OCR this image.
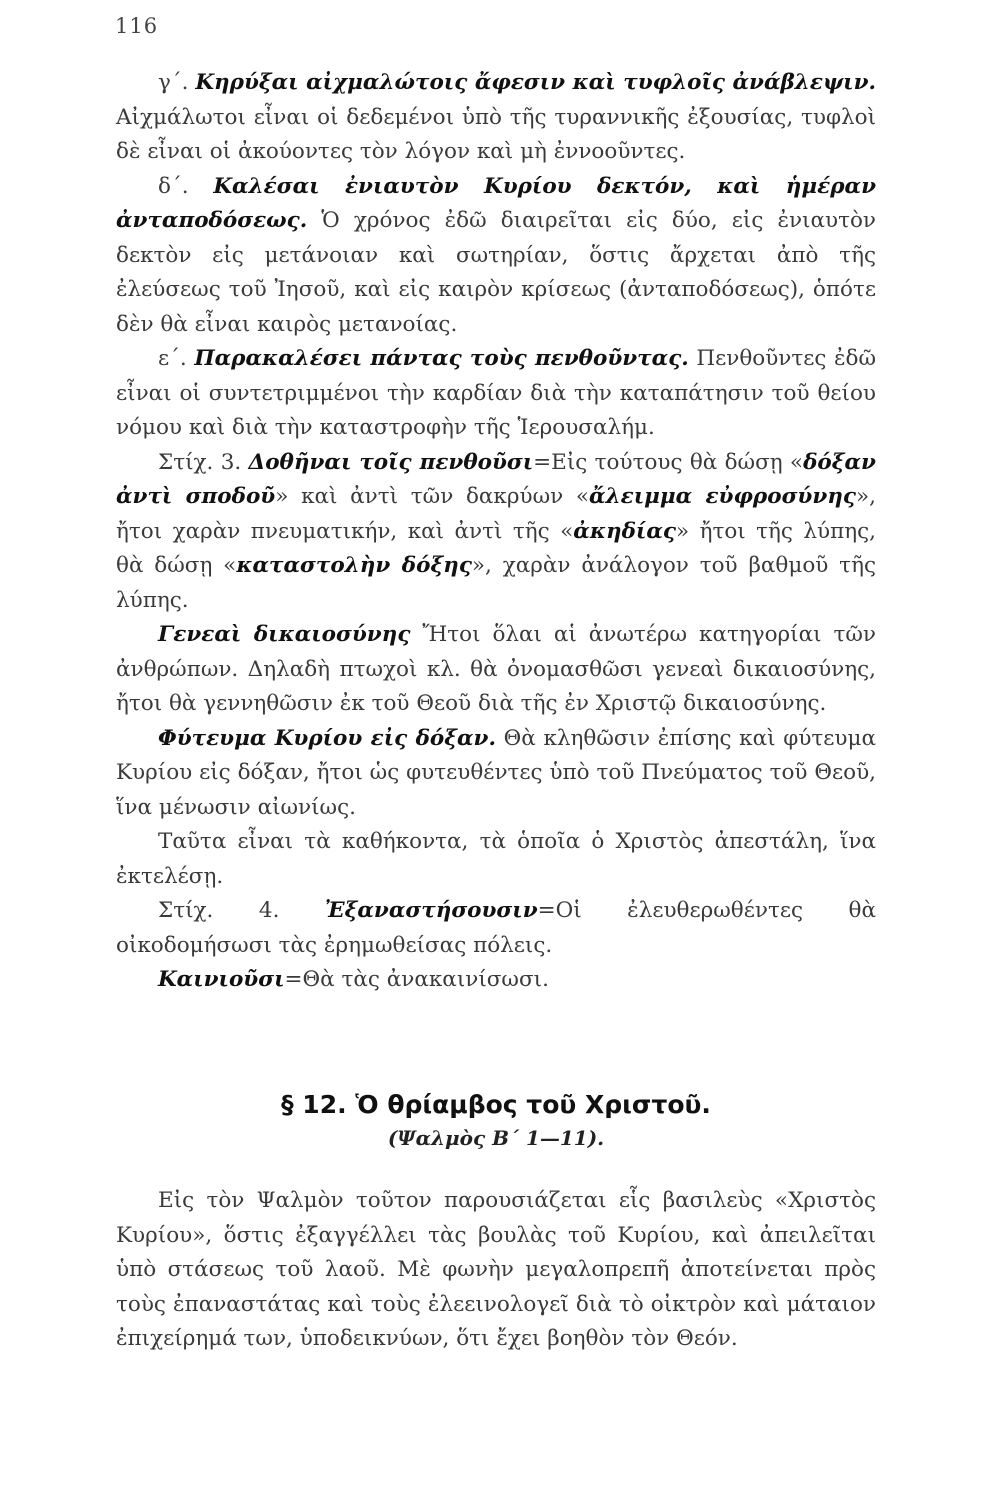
116

γ΄. Κηρύξαι αἰχμαλώτοις ἄφεσιν καὶ τυφλοῖς ἀνάβλεψιν. Αἰχμάλωτοι εἶναι οἱ δεδεμένοι ὑπὸ τῆς τυραννικῆς ἐξουσίας, τυφλοὶ δὲ εἶναι οἱ ἀκούοντες τὸν λόγον καὶ μὴ ἐννοοῦντες.

δ΄. Καλέσαι ἐνιαυτὸν Κυρίου δεκτόν, καὶ ἡμέραν ἀνταποδόσεως. Ὁ χρόνος ἐδῶ διαιρεῖται εἰς δύο, εἰς ἐνιαυτὸν δεκτὸν εἰς μετάνοιαν καὶ σωτηρίαν, ὅστις ἄρχεται ἀπὸ τῆς ἐλεύσεως τοῦ Ἰησοῦ, καὶ εἰς καιρὸν κρίσεως (ἀνταποδόσεως), ὁπότε δὲν θὰ εἶναι καιρὸς μετανοίας.

ε΄. Παρακαλέσει πάντας τοὺς πενθοῦντας. Πενθοῦντες ἐδῶ εἶναι οἱ συντετριμμένοι τὴν καρδίαν διὰ τὴν καταπάτησιν τοῦ θείου νόμου καὶ διὰ τὴν καταστροφὴν τῆς Ἱερουσαλήμ.

Στίχ. 3. Δοθῆναι τοῖς πενθοῦσι=Εἰς τούτους θὰ δώσῃ «δόξαν ἀντὶ σποδοῦ» καὶ ἀντὶ τῶν δακρύων «ἄλειμμα εὐφροσύνης», ἤτοι χαρὰν πνευματικήν, καὶ ἀντὶ τῆς «ἀκηδίας» ἤτοι τῆς λύπης, θὰ δώσῃ «καταστολὴν δόξης», χαρὰν ἀνάλογον τοῦ βαθμοῦ τῆς λύπης.

Γενεαὶ δικαιοσύνης Ἤτοι ὅλαι αἱ ἀνωτέρω κατηγορίαι τῶν ἀνθρώπων. Δηλαδὴ πτωχοὶ κλ. θὰ ὀνομασθῶσι γενεαὶ δικαιοσύνης, ἤτοι θὰ γεννηθῶσιν ἐκ τοῦ Θεοῦ διὰ τῆς ἐν Χριστῷ δικαιοσύνης.

Φύτευμα Κυρίου εἰς δόξαν. Θὰ κληθῶσιν ἐπίσης καὶ φύτευμα Κυρίου εἰς δόξαν, ἤτοι ὡς φυτευθέντες ὑπὸ τοῦ Πνεύματος τοῦ Θεοῦ, ἵνα μένωσιν αἰωνίως.

Ταῦτα εἶναι τὰ καθήκοντα, τὰ ὁποῖα ὁ Χριστὸς ἀπεστάλη, ἵνα ἐκτελέσῃ.

Στίχ. 4. Ἐξαναστήσουσιν=Οἱ ἐλευθερωθέντες θὰ οἰκοδομήσωσι τὰς ἐρημωθείσας πόλεις.

Καινιοῦσι=Θὰ τὰς ἀνακαινίσωσι.

§ 12. Ὁ θρίαμβος τοῦ Χριστοῦ.
(Ψαλμὸς Β΄ 1—11).

Εἰς τὸν Ψαλμὸν τοῦτον παρουσιάζεται εἷς βασιλεὺς «Χριστὸς Κυρίου», ὅστις ἐξαγγέλλει τὰς βουλὰς τοῦ Κυρίου, καὶ ἀπειλεῖται ὑπὸ στάσεως τοῦ λαοῦ. Μὲ φωνὴν μεγαλοπρεπῆ ἀποτείνεται πρὸς τοὺς ἐπαναστάτας καὶ τοὺς ἐλεεινολογεῖ διὰ τὸ οἰκτρὸν καὶ μάταιον ἐπιχείρημά των, ὑποδεικνύων, ὅτι ἔχει βοηθὸν τὸν Θεόν.
